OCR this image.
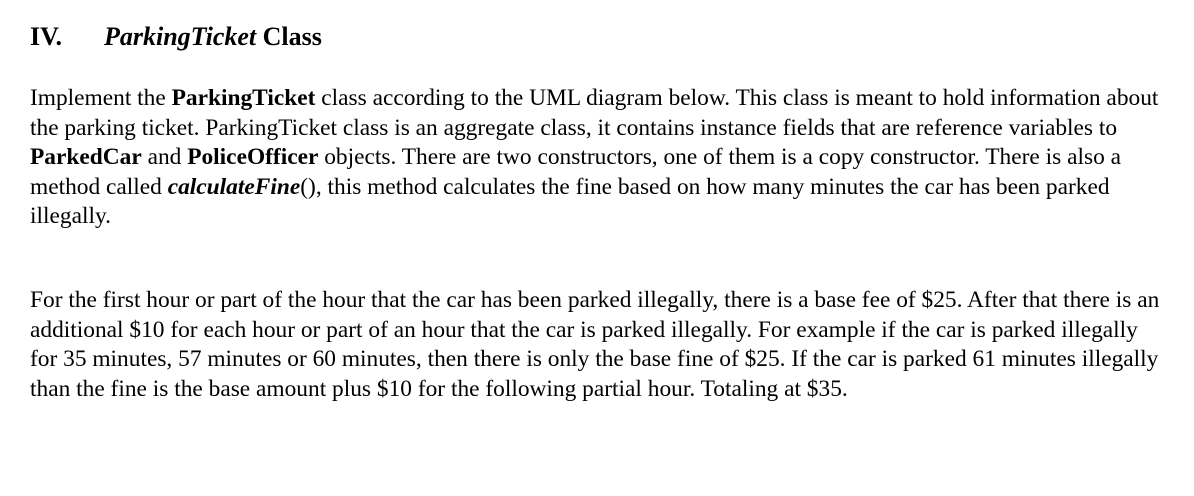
IV. ParkingTicket Class

Implement the ParkingTicket class according to the UML diagram below. This class is meant to hold information about the parking ticket. ParkingTicket class is an aggregate class, it contains instance fields that are reference variables to ParkedCar and PoliceOfficer objects. There are two constructors, one of them is a copy constructor. There is also a method called calculateFine(), this method calculates the fine based on how many minutes the car has been parked illegally.

For the first hour or part of the hour that the car has been parked illegally, there is a base fee of $25. After that there is an additional $10 for each hour or part of an hour that the car is parked illegally. For example if the car is parked illegally for 35 minutes, 57 minutes or 60 minutes, then there is only the base fine of $25. If the car is parked 61 minutes illegally than the fine is the base amount plus $10 for the following partial hour. Totaling at $35.
